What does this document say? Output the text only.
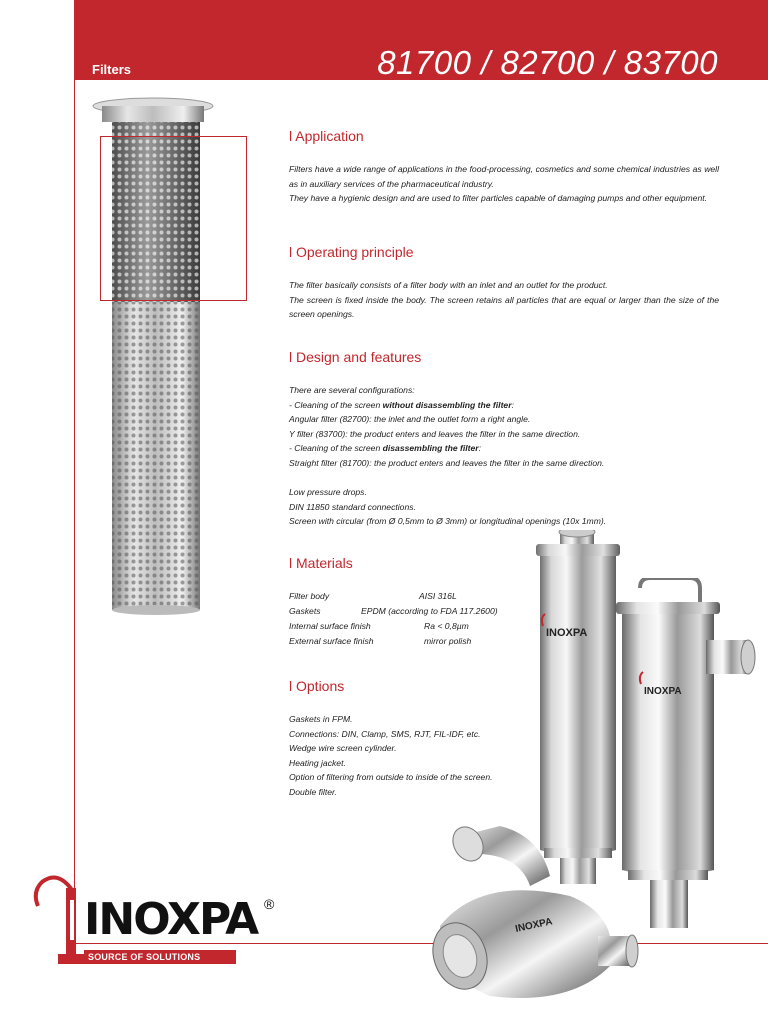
Filters	81700 / 82700 / 83700
l Application

Filters have a wide range of applications in the food-processing, cosmetics and some chemical industries as well as in auxiliary services of the pharmaceutical industry.

They have a hygienic design and are used to filter particles capable of damaging pumps and other equipment.

l Operating principle

The filter basically consists of a filter body with an inlet and an outlet for the product.

The screen is fixed inside the body. The screen retains all particles that are equal or larger than the size of the screen openings.

l Design and features

There are several configurations:

- Cleaning of the screen without disassembling the filter:

Angular filter (82700): the inlet and the outlet form a right angle.

Y filter (83700): the product enters and leaves the filter in the same direction.

- Cleaning of the screen disassembling the filter:

Straight filter (81700): the product enters and leaves the filter in the same direction.

Low pressure drops.

DIN 11850 standard connections.

Screen with circular (from Ø 0,5mm to Ø 3mm) or longitudinal openings (10x 1mm).

l Materials
Filter body	AISI 316L
Gaskets	EPDM (according to FDA 117.2600)
Internal surface finish	Ra < 0,8µm
External surface finish	mirror polish
l Options

Gaskets in FPM.

Connections: DIN, Clamp, SMS, RJT, FIL-IDF, etc.

Wedge wire screen cylinder.

Heating jacket.

Option of filtering from outside to inside of the screen.

Double filter.

INOXPA
INOXPA
INOXPA
INOXPA ®
SOURCE OF SOLUTIONS
